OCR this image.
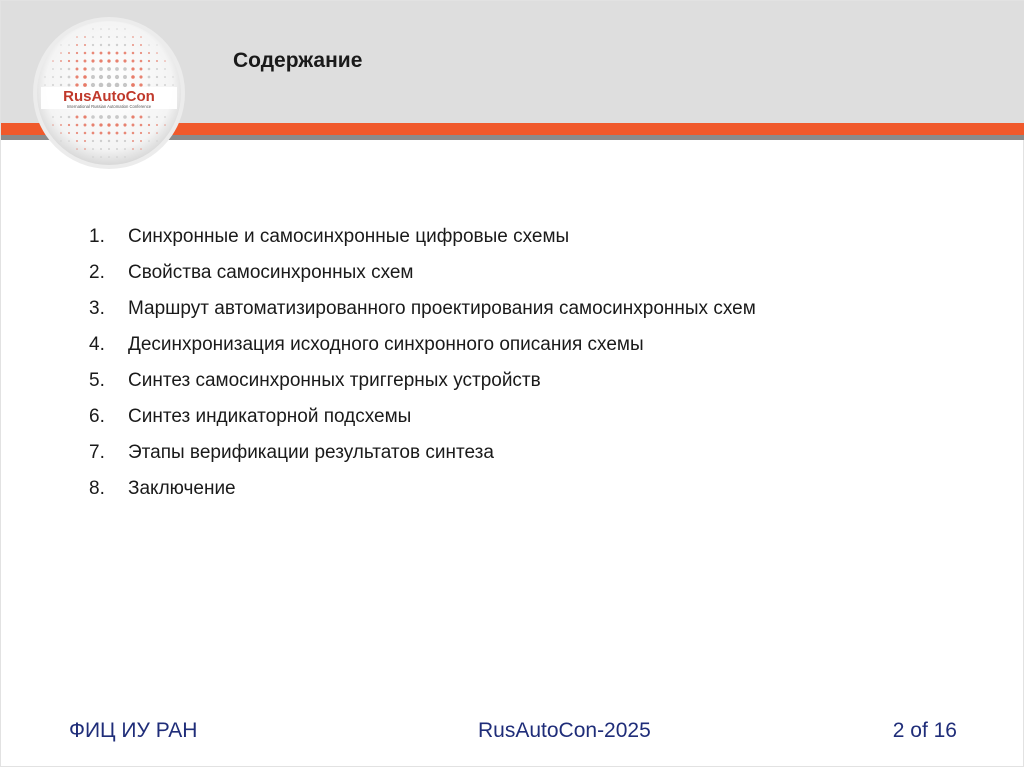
RusAutoCon
International Russian Automation Conference
Содержание
1. Синхронные и самосинхронные цифровые схемы
2. Свойства самосинхронных схем
3. Маршрут автоматизированного проектирования самосинхронных схем
4. Десинхронизация исходного синхронного описания схемы
5. Синтез самосинхронных триггерных устройств
6. Синтез индикаторной подсхемы
7. Этапы верификации результатов синтеза
8. Заключение
ФИЦ ИУ РАН	RusAutoCon-2025	2 of 16
